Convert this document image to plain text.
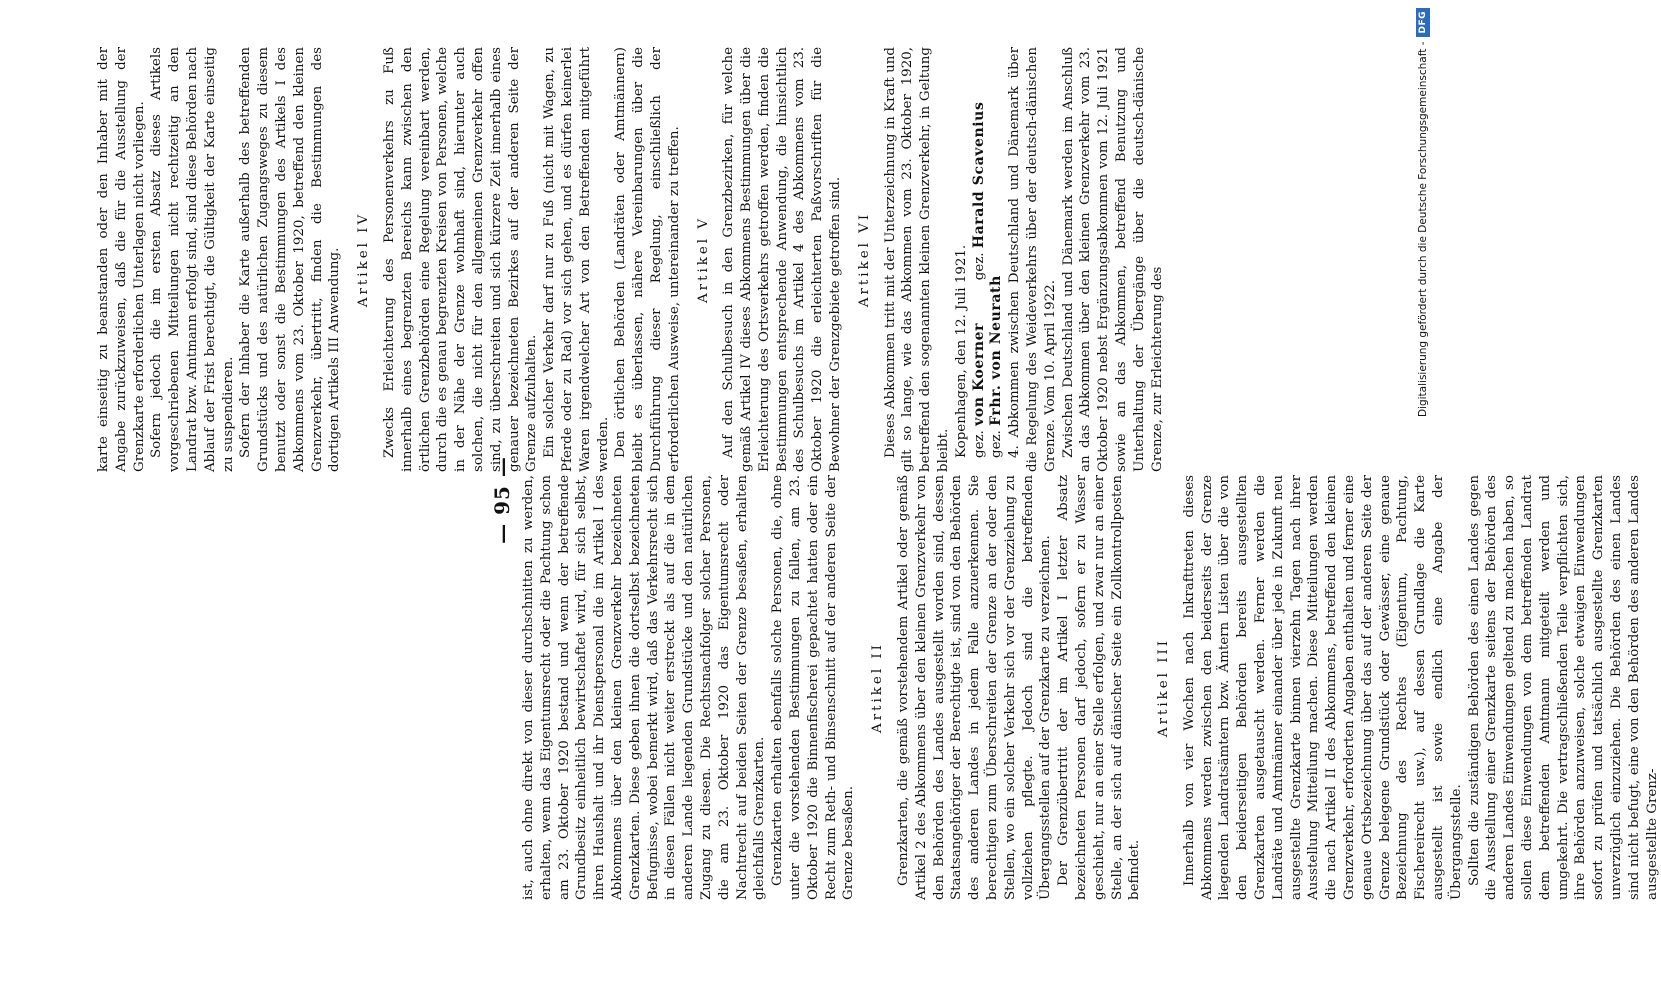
— 95 — ist, auch ohne direkt von dieser durchschnitten zu werden, erhalten, wenn das Eigentumsrecht oder die Pachtung schon am 23. Oktober 1920 bestand und wenn der betreffende Grundbesitz einheitlich bewirtschaftet wird, für sich selbst, ihren Haushalt und ihr Dienstpersonal die im Artikel I des Abkommens über den kleinen Grenzverkehr bezeichneten Grenzkarten. Diese geben ihnen die dortselbst bezeichneten Befugnisse, wobei bemerkt wird, daß das Verkehrsrecht sich in diesen Fällen nicht weiter erstreckt als auf die in dem anderen Lande liegenden Grundstücke und den natürlichen Zugang zu diesen. Die Rechtsnachfolger solcher Personen, die am 23. Oktober 1920 das Eigentumsrecht oder Nachtrecht auf beiden Seiten der Grenze besaßen, erhalten gleichfalls Grenzkarten. Grenzkarten erhalten ebenfalls solche Personen, die, ohne unter die vorstehenden Bestimmungen zu fallen, am 23. Oktober 1920 die Binnenfischerei gepachtet hatten oder ein Recht zum Reth- und Binsenschnitt auf der anderen Seite der Grenze besaßen.

Artikel II Grenzkarten, die gemäß vorstehendem Artikel oder gemäß Artikel 2 des Abkommens über den kleinen Grenzverkehr von den Behörden des Landes ausgestellt worden sind, dessen Staatsangehöriger der Berechtigte ist, sind von den Behörden des anderen Landes in jedem Falle anzuerkennen. Sie berechtigen zum Überschreiten der Grenze an der oder den Stellen, wo ein solcher Verkehr sich vor der Grenzziehung zu vollziehen pflegte. Jedoch sind die betreffenden Übergangsstellen auf der Grenzkarte zu verzeichnen. Der Grenzübertritt der im Artikel I letzter Absatz bezeichneten Personen darf jedoch, sofern er zu Wasser geschieht, nur an einer Stelle erfolgen, und zwar nur an einer Stelle, an der sich auf dänischer Seite ein Zollkontrollposten befindet.

Artikel III Innerhalb von vier Wochen nach Inkrafttreten dieses Abkommens werden zwischen den beiderseits der Grenze liegenden Landratsämtern bzw. Ämtern Listen über die von den beiderseitigen Behörden bereits ausgestellten Grenzkarten ausgetauscht werden. Ferner werden die Landräte und Amtmänner einander über jede in Zukunft neu ausgestellte Grenzkarte binnen vierzehn Tagen nach ihrer Ausstellung Mitteilung machen. Diese Mitteilungen werden die nach Artikel II des Abkommens, betreffend den kleinen Grenzverkehr, erforderten Angaben enthalten und ferner eine genaue Ortsbezeichnung über das auf der anderen Seite der Grenze belegene Grundstück oder Gewässer, eine genaue Bezeichnung des Rechtes (Eigentum, Pachtung, Fischereirecht usw.), auf dessen Grundlage die Karte ausgestellt ist sowie endlich eine Angabe der Übergangsstelle. Sollten die zuständigen Behörden des einen Landes gegen die Ausstellung einer Grenzkarte seitens der Behörden des anderen Landes Einwendungen geltend zu machen haben, so sollen diese Einwendungen von dem betreffenden Landrat dem betreffenden Amtmann mitgeteilt werden und umgekehrt. Die vertragschließenden Teile verpflichten sich, ihre Behörden anzuweisen, solche etwaigen Einwendungen sofort zu prüfen und tatsächlich ausgestellte Grenzkarten unverzüglich einzuziehen. Die Behörden des einen Landes sind nicht befugt, eine von den Behörden des anderen Landes ausgestellte Grenz-

karte einseitig zu beanstanden oder den Inhaber mit der Angabe zurückzuweisen, daß die für die Ausstellung der Grenzkarte erforderlichen Unterlagen nicht vorliegen. Sofern jedoch die im ersten Absatz dieses Artikels vorgeschriebenen Mitteilungen nicht rechtzeitig an den Landrat bzw. Amtmann erfolgt sind, sind diese Behörden nach Ablauf der Frist berechtigt, die Gültigkeit der Karte einseitig zu suspendieren. Sofern der Inhaber die Karte außerhalb des betreffenden Grundstücks und des natürlichen Zugangsweges zu diesem benutzt oder sonst die Bestimmungen des Artikels I des Abkommens vom 23. Oktober 1920, betreffend den kleinen Grenzverkehr, übertritt, finden die Bestimmungen des dortigen Artikels III Anwendung. Artikel IV Zwecks Erleichterung des Personenverkehrs zu Fuß innerhalb eines begrenzten Bereichs kann zwischen den örtlichen Grenzbehörden eine Regelung vereinbart werden, durch die es genau begrenzten Kreisen von Personen, welche in der Nähe der Grenze wohnhaft sind, hierunter auch solchen, die nicht für den allgemeinen Grenzverkehr offen sind, zu überschreiten und sich kürzere Zeit innerhalb eines genauer bezeichneten Bezirkes auf der anderen Seite der Grenze aufzuhalten. Ein solcher Verkehr darf nur zu Fuß (nicht mit Wagen, zu Pferde oder zu Rad) vor sich gehen, und es dürfen keinerlei Waren irgendwelcher Art von den Betreffenden mitgeführt werden. Den örtlichen Behörden (Landräten oder Amtmännern) bleibt es überlassen, nähere Vereinbarungen über die Durchführung dieser Regelung, einschließlich der erforderlichen Ausweise, untereinander zu treffen. Artikel V Auf den Schulbesuch in den Grenzbezirken, für welche gemäß Artikel IV dieses Abkommens Bestimmungen über die Erleichterung des Ortsverkehrs getroffen werden, finden die Bestimmungen entsprechende Anwendung, die hinsichtlich des Schulbesuchs im Artikel 4 des Abkommens vom 23. Oktober 1920 die erleichterten Paßvorschriften für die Bewohner der Grenzgebiete getroffen sind. Artikel VI Dieses Abkommen tritt mit der Unterzeichnung in Kraft und gilt so lange, wie das Abkommen vom 23. Oktober 1920, betreffend den sogenannten kleinen Grenzverkehr, in Geltung bleibt. Kopenhagen, den 12. Juli 1921. gez. von Koerner          gez. Harald Scavenius

gez. Frhr. von Neurath 4. Abkommen zwischen Deutschland und Dänemark über die Regelung des Weideverkehrs über der deutsch-dänischen Grenze. Vom 10. April 1922. Zwischen Deutschland und Dänemark werden im Anschluß an das Abkommen über den kleinen Grenzverkehr vom 23. Oktober 1920 nebst Ergänzungsabkommen vom 12. Juli 1921 sowie an das Abkommen, betreffend Benutzung und Unterhaltung der Übergänge über die deutsch-dänische Grenze, zur Erleichterung des	Digitalisierung gefördert durch die Deutsche Forschungsgemeinschaft -
DFG
